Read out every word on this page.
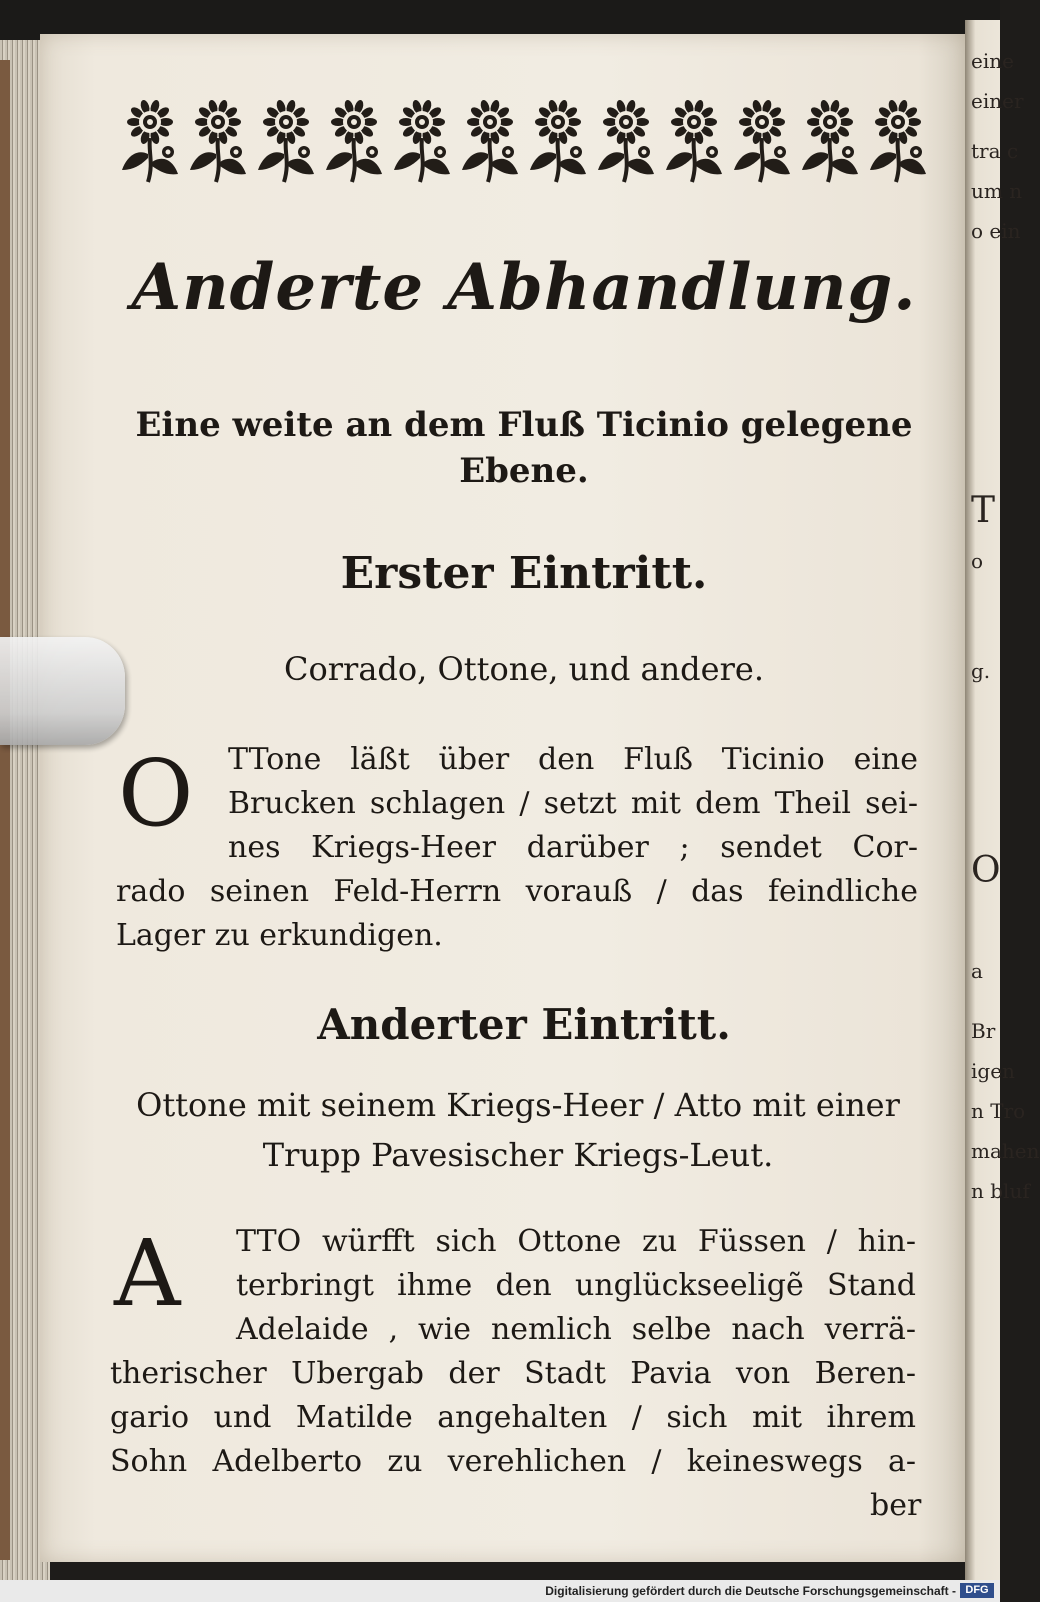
eine
einer
tra c
um n
o ein
T
o
g.
O
a
Br
igen
n Tro
mahen
n bluf
Anderte Abhandlung.
Eine weite an dem Fluß Ticinio gelegene Ebene.
Erster Eintritt.
Corrado, Ottone, und andere.
O TTone läßt über den Fluß Ticinio eine
Brucken schlagen / setzt mit dem Theil sei-
nes Kriegs-Heer darüber ; sendet Cor-
rado seinen Feld-Herrn vorauß / das feindliche
Lager zu erkundigen.
Anderter Eintritt.
Ottone mit seinem Kriegs-Heer / Atto mit einer Trupp Pavesischer Kriegs-Leut.
A TTO würfft sich Ottone zu Füssen / hin-
terbringt ihme den unglückseeligẽ Stand
Adelaide , wie nemlich selbe nach verrä-
therischer Ubergab der Stadt Pavia von Beren-
gario und Matilde angehalten / sich mit ihrem
Sohn Adelberto zu verehlichen / keineswegs a-
ber
Digitalisierung gefördert durch die Deutsche Forschungsgemeinschaft - DFG
